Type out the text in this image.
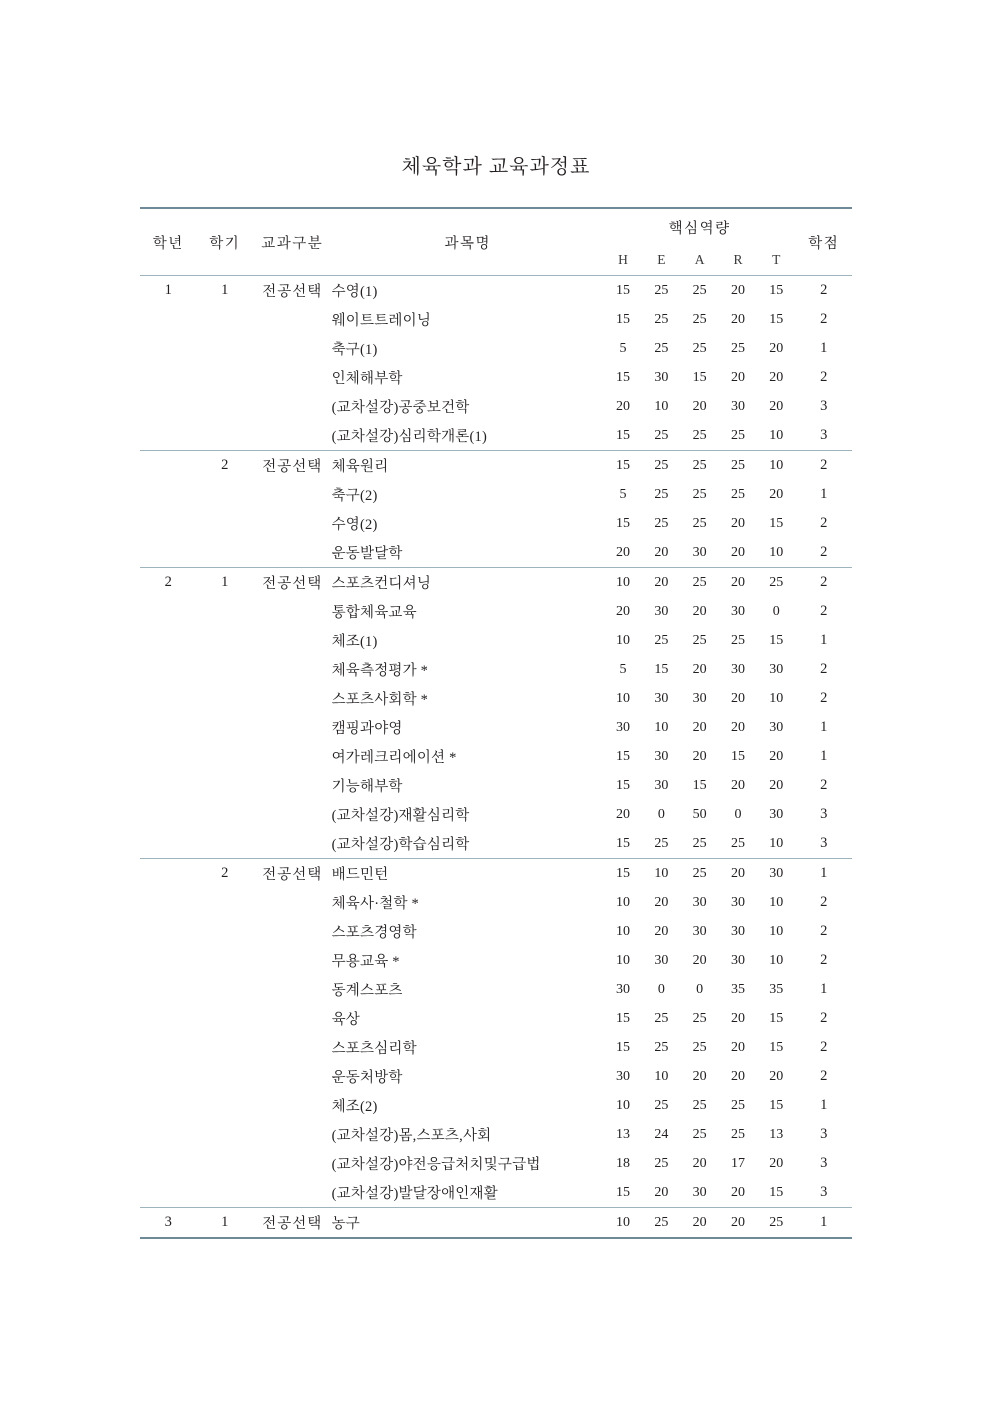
체육학과 교육과정표
학년	학기	교과구분	과목명	핵심역량					학점
				H	E	A	R	T	
1	1	전공선택	수영(1)	15	25	25	20	15	2
			웨이트트레이닝	15	25	25	20	15	2
			축구(1)	5	25	25	25	20	1
			인체해부학	15	30	15	20	20	2
			(교차설강)공중보건학	20	10	20	30	20	3
			(교차설강)심리학개론(1)	15	25	25	25	10	3
	2	전공선택	체육원리	15	25	25	25	10	2
			축구(2)	5	25	25	25	20	1
			수영(2)	15	25	25	20	15	2
			운동발달학	20	20	30	20	10	2
2	1	전공선택	스포츠컨디셔닝	10	20	25	20	25	2
			통합체육교육	20	30	20	30	0	2
			체조(1)	10	25	25	25	15	1
			체육측정평가 *	5	15	20	30	30	2
			스포츠사회학 *	10	30	30	20	10	2
			캠핑과야영	30	10	20	20	30	1
			여가레크리에이션 *	15	30	20	15	20	1
			기능해부학	15	30	15	20	20	2
			(교차설강)재활심리학	20	0	50	0	30	3
			(교차설강)학습심리학	15	25	25	25	10	3
	2	전공선택	배드민턴	15	10	25	20	30	1
			체육사·철학 *	10	20	30	30	10	2
			스포츠경영학	10	20	30	30	10	2
			무용교육 *	10	30	20	30	10	2
			동계스포츠	30	0	0	35	35	1
			육상	15	25	25	20	15	2
			스포츠심리학	15	25	25	20	15	2
			운동처방학	30	10	20	20	20	2
			체조(2)	10	25	25	25	15	1
			(교차설강)몸,스포츠,사회	13	24	25	25	13	3
			(교차설강)야전응급처치및구급법	18	25	20	17	20	3
			(교차설강)발달장애인재활	15	20	30	20	15	3
3	1	전공선택	농구	10	25	20	20	25	1
